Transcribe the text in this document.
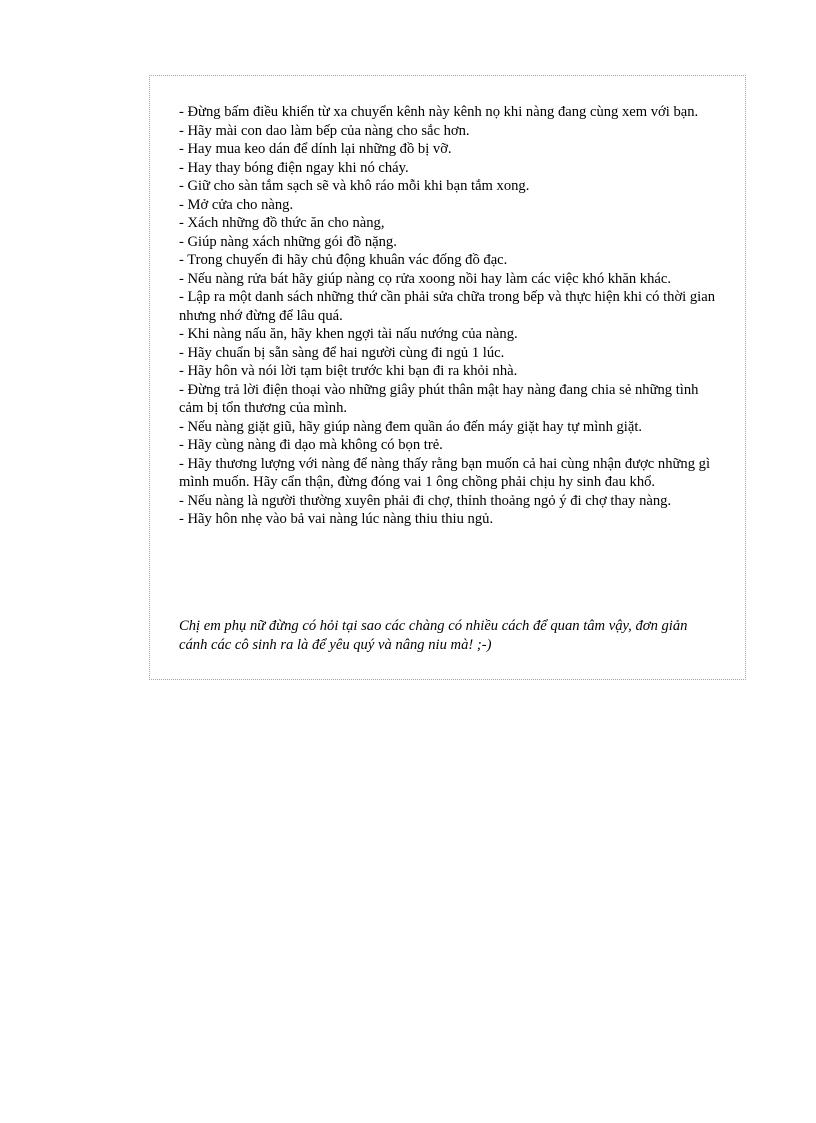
- Đừng bấm điều khiển từ xa chuyển kênh này kênh nọ khi nàng đang cùng xem với bạn.
- Hãy mài con dao làm bếp của nàng cho sắc hơn.
- Hay mua keo dán để dính lại những đồ bị vỡ.
- Hay thay bóng điện ngay khi nó cháy.
- Giữ cho sàn tắm sạch sẽ và khô ráo mỗi khi bạn tắm xong.
- Mở cửa cho nàng.
- Xách những đồ thức ăn cho nàng,
- Giúp nàng xách những gói đồ nặng.
- Trong chuyến đi hãy chủ động khuân vác đống đồ đạc.
- Nếu nàng rửa bát hãy giúp nàng cọ rửa xoong nồi hay làm các việc khó khăn khác.
- Lập ra một danh sách những thứ cần phải sửa chữa trong bếp và thực hiện khi có thời gian nhưng nhớ đừng để lâu quá.
- Khi nàng nấu ăn, hãy khen ngợi tài nấu nướng của nàng.
- Hãy chuẩn bị sẵn sàng để hai người cùng đi ngủ 1 lúc.
- Hãy hôn và nói lời tạm biệt trước khi bạn đi ra khỏi nhà.
- Đừng trả lời điện thoại vào những giây phút thân mật hay nàng đang chia sẻ những tình cảm bị tổn thương của mình.
- Nếu nàng giặt giũ, hãy giúp nàng đem quần áo đến máy giặt hay tự mình giặt.
- Hãy cùng nàng đi dạo mà không có bọn trẻ.
- Hãy thương lượng với nàng để nàng thấy rằng bạn muốn cả hai cùng nhận được những gì mình muốn. Hãy cẩn thận, đừng đóng vai 1 ông chồng phải chịu hy sinh đau khổ.
- Nếu nàng là người thường xuyên phải đi chợ, thỉnh thoảng ngỏ ý đi chợ thay nàng.
- Hãy hôn nhẹ vào bả vai nàng lúc nàng thiu thiu ngủ.

Chị em phụ nữ đừng có hỏi tại sao các chàng có nhiều cách để quan tâm vậy, đơn giản cánh các cô sinh ra là để yêu quý và nâng niu mà! ;-)
